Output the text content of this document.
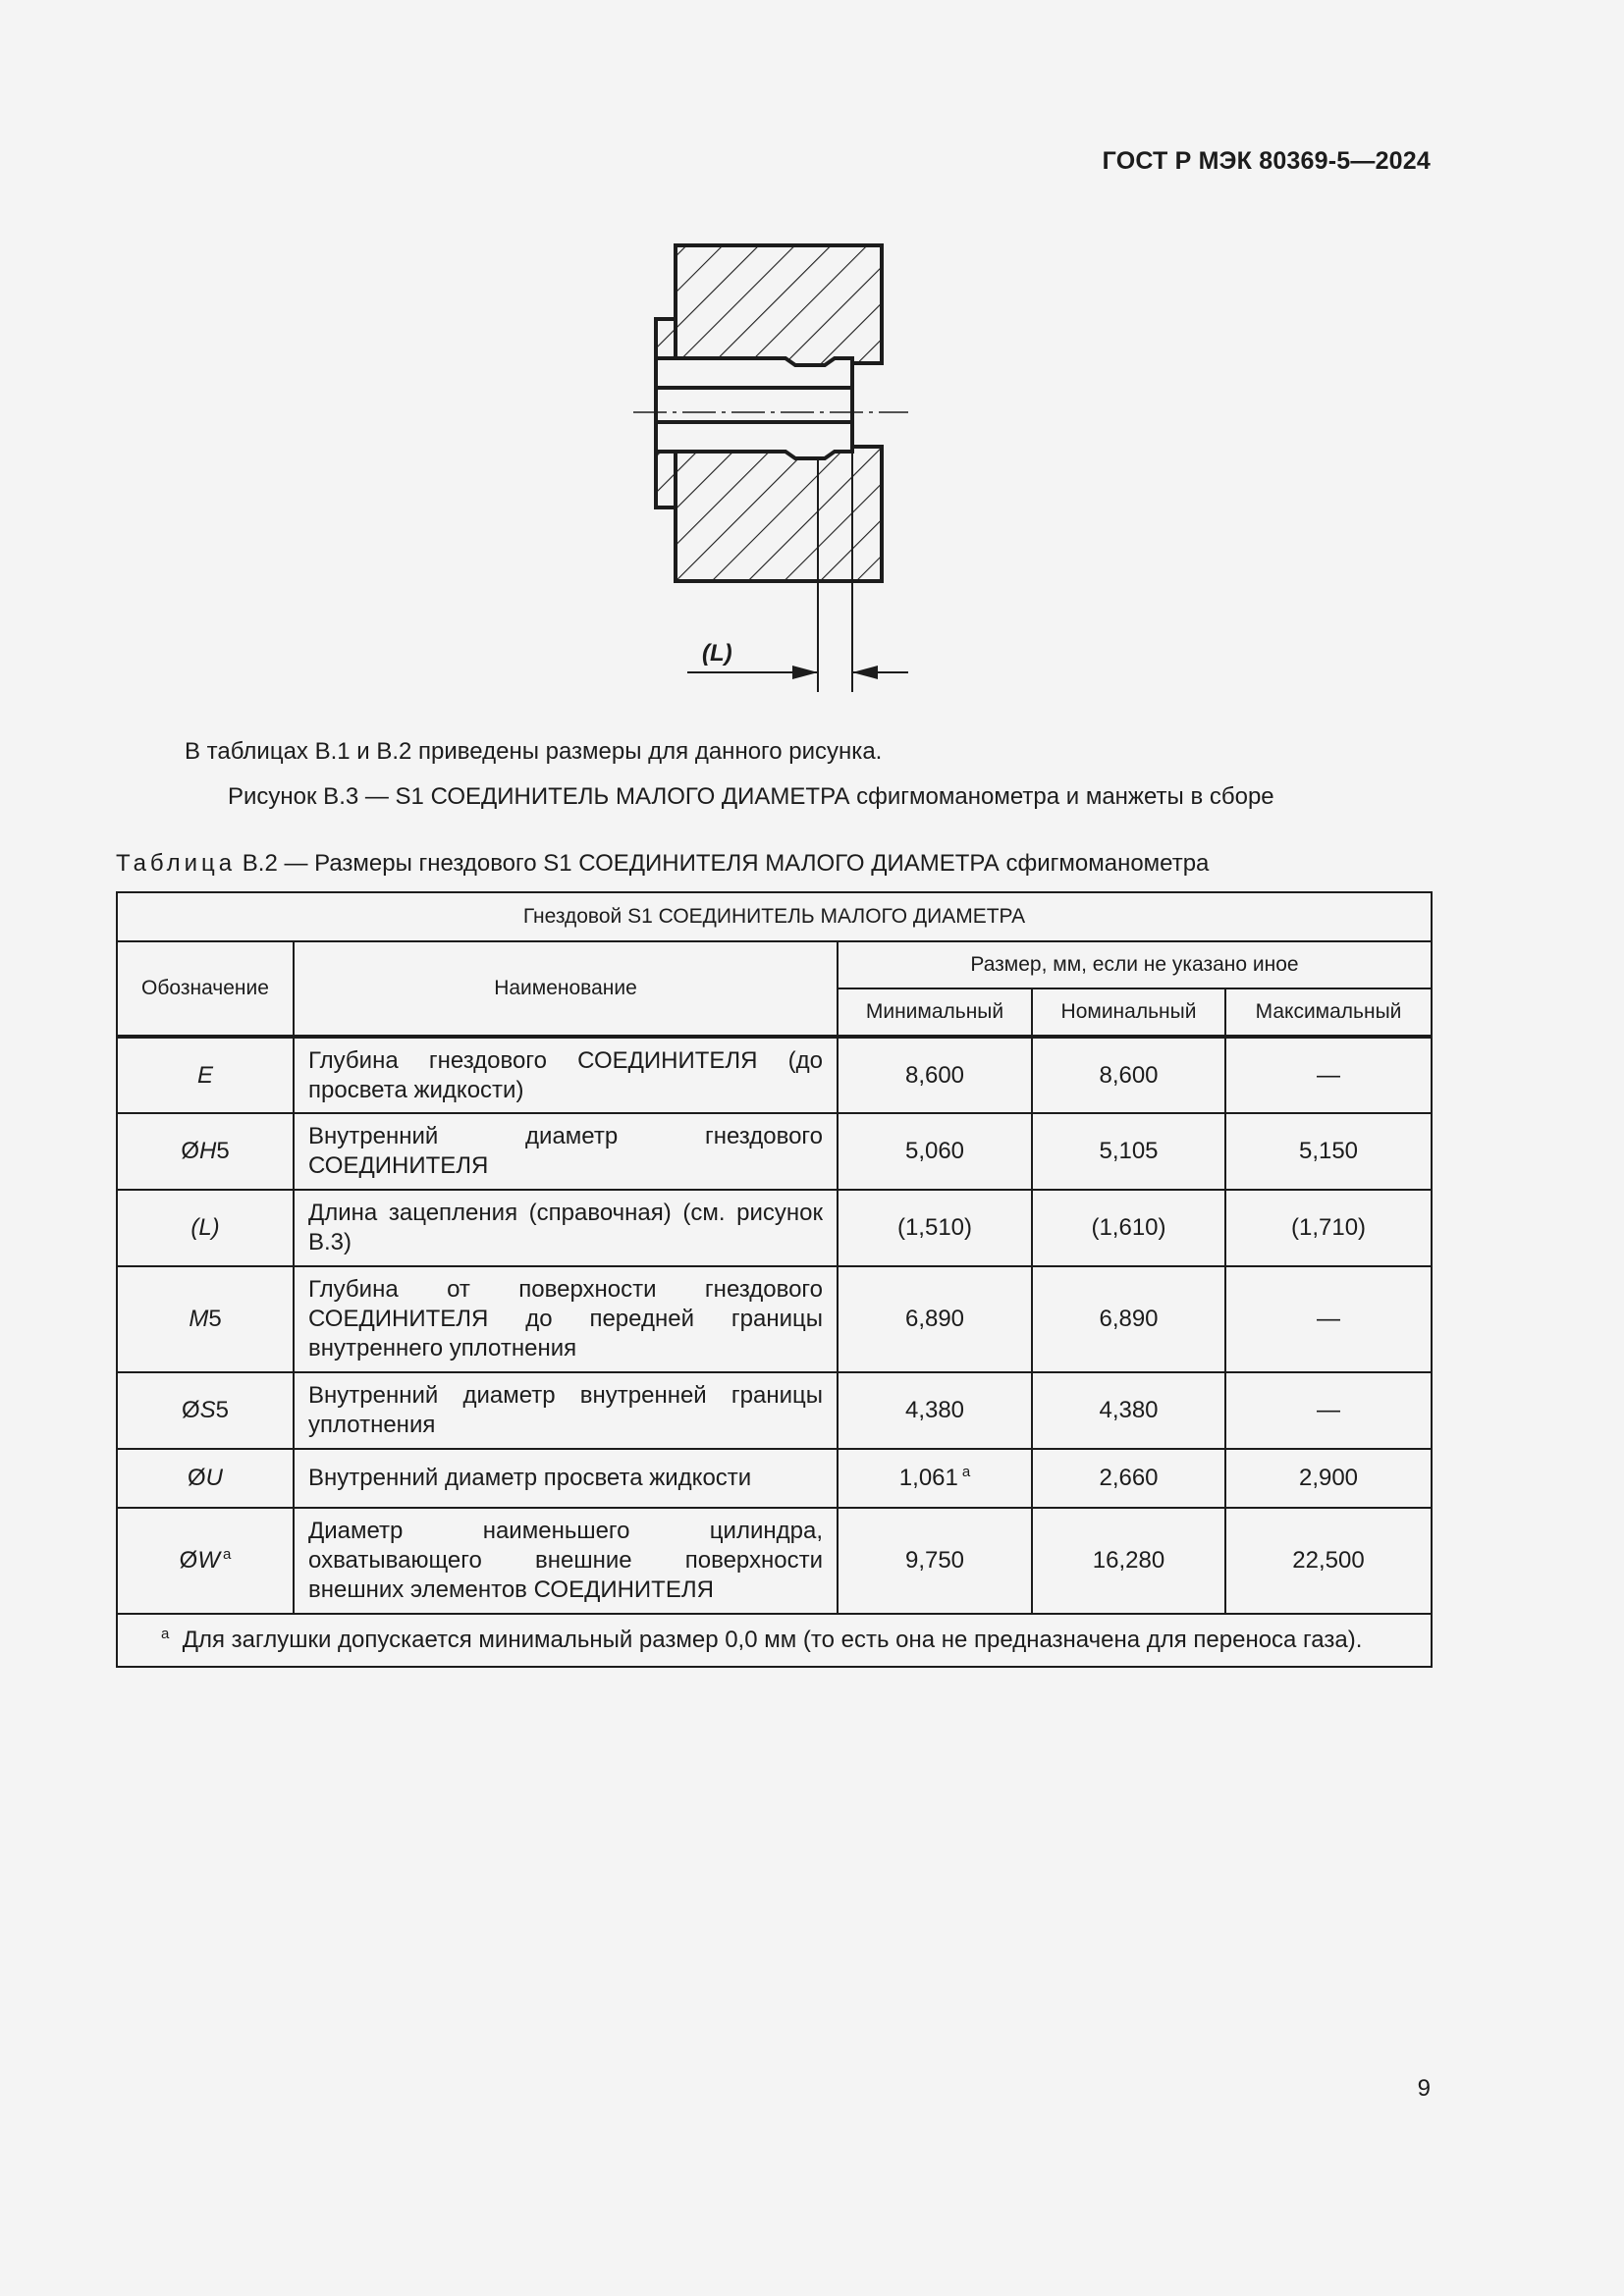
ГОСТ Р МЭК 80369-5—2024
(L)
В таблицах В.1 и В.2 приведены размеры для данного рисунка.
Рисунок В.3 — S1 СОЕДИНИТЕЛЬ МАЛОГО ДИАМЕТРА сфигмоманометра и манжеты в сборе
Таблица В.2 — Размеры гнездового S1 СОЕДИНИТЕЛЯ МАЛОГО ДИАМЕТРА сфигмоманометра
Гнездовой S1 СОЕДИНИТЕЛЬ МАЛОГО ДИАМЕТРА				
Обозначение	Наименование	Размер, мм, если не указано иное		
		Минимальный	Номинальный	Максимальный
E	Глубина гнездового СОЕДИНИТЕЛЯ (до просвета жидкости)	8,600	8,600	—
ØH5	Внутренний диаметр гнездового СОЕДИНИТЕЛЯ	5,060	5,105	5,150
(L)	Длина зацепления (справочная) (см. рисунок В.3)	(1,510)	(1,610)	(1,710)
M5	Глубина от поверхности гнездового СОЕДИНИТЕЛЯ до передней границы внутреннего уплотнения	6,890	6,890	—
ØS5	Внутренний диаметр внутренней границы уплотнения	4,380	4,380	—
ØU	Внутренний диаметр просвета жидкости	1,061 $^а$	2,660	2,900
ØW $^а$	Диаметр наименьшего цилиндра, охватывающего внешние поверхности внешних элементов СОЕДИНИТЕЛЯ	9,750	16,280	22,500
$^а$ Для заглушки допускается минимальный размер 0,0 мм (то есть она не предназначена для переноса газа).				
9
